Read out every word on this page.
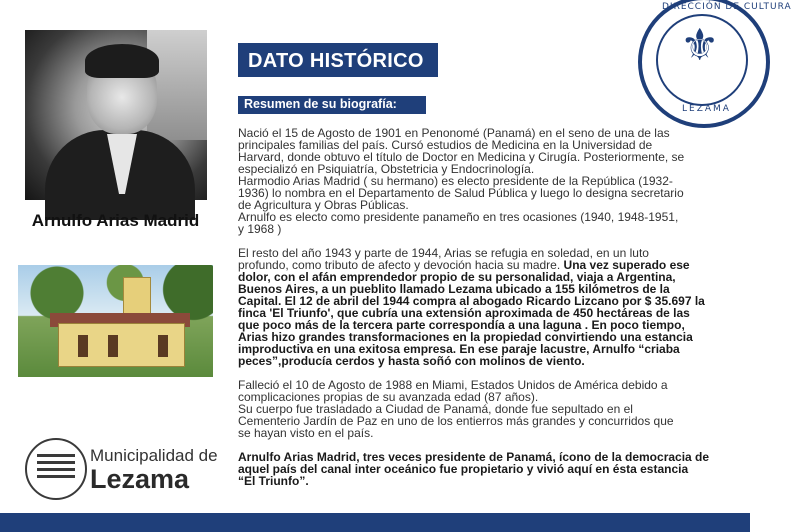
Arnulfo Arias Madrid
Municipalidad de
Lezama
DATO HISTÓRICO
Resumen de su biografía:

Nació el 15 de Agosto de 1901 en Penonomé (Panamá) en el seno de una de las
principales familias del país. Cursó estudios de Medicina en la Universidad de
Harvard, donde obtuvo el título de Doctor en Medicina y Cirugía. Posteriormente, se
especializó en Psiquiatría, Obstetricia y Endocrinología.
Harmodio Arias Madrid ( su hermano) es electo presidente de la República (1932-
1936) lo nombra en el Departamento de Salud Pública y luego lo designa secretario
de Agricultura y Obras Públicas.
Arnulfo es electo como presidente panameño en tres ocasiones (1940, 1948-1951,
y 1968 )

El resto del año 1943 y parte de 1944, Arias se refugia en soledad, en un luto
profundo, como tributo de afecto y devoción hacia su madre. Una vez superado ese
dolor, con el afán emprendedor propio de su personalidad, viaja a Argentina,
Buenos Aires, a un pueblito llamado Lezama ubicado a 155 kilómetros de la
Capital. El 12 de abril del 1944 compra al abogado Ricardo Lizcano por $ 35.697 la
finca 'El Triunfo', que cubría una extensión aproximada de 450 hectáreas de las
que poco más de la tercera parte correspondía a una laguna . En poco tiempo,
Arias hizo grandes transformaciones en la propiedad convirtiendo una estancia
improductiva en una exitosa empresa. En ese paraje lacustre, Arnulfo “criaba
peces”,producía cerdos y hasta soñó con molinos de viento.

Falleció el 10 de Agosto de 1988 en Miami, Estados Unidos de América debido a
complicaciones propias de su avanzada edad (87 años).
Su cuerpo fue trasladado a Ciudad de Panamá, donde fue sepultado en el
Cementerio Jardín de Paz en uno de los entierros más grandes y concurridos que
se hayan visto en el país.

Arnulfo Arias Madrid, tres veces presidente de Panamá, ícono de la democracia de
aquel país del canal inter oceánico fue propietario y vivió aquí en ésta estancia
“El Triunfo”.

DIRECCIÓN DE CULTURA
⚜
LEZAMA
